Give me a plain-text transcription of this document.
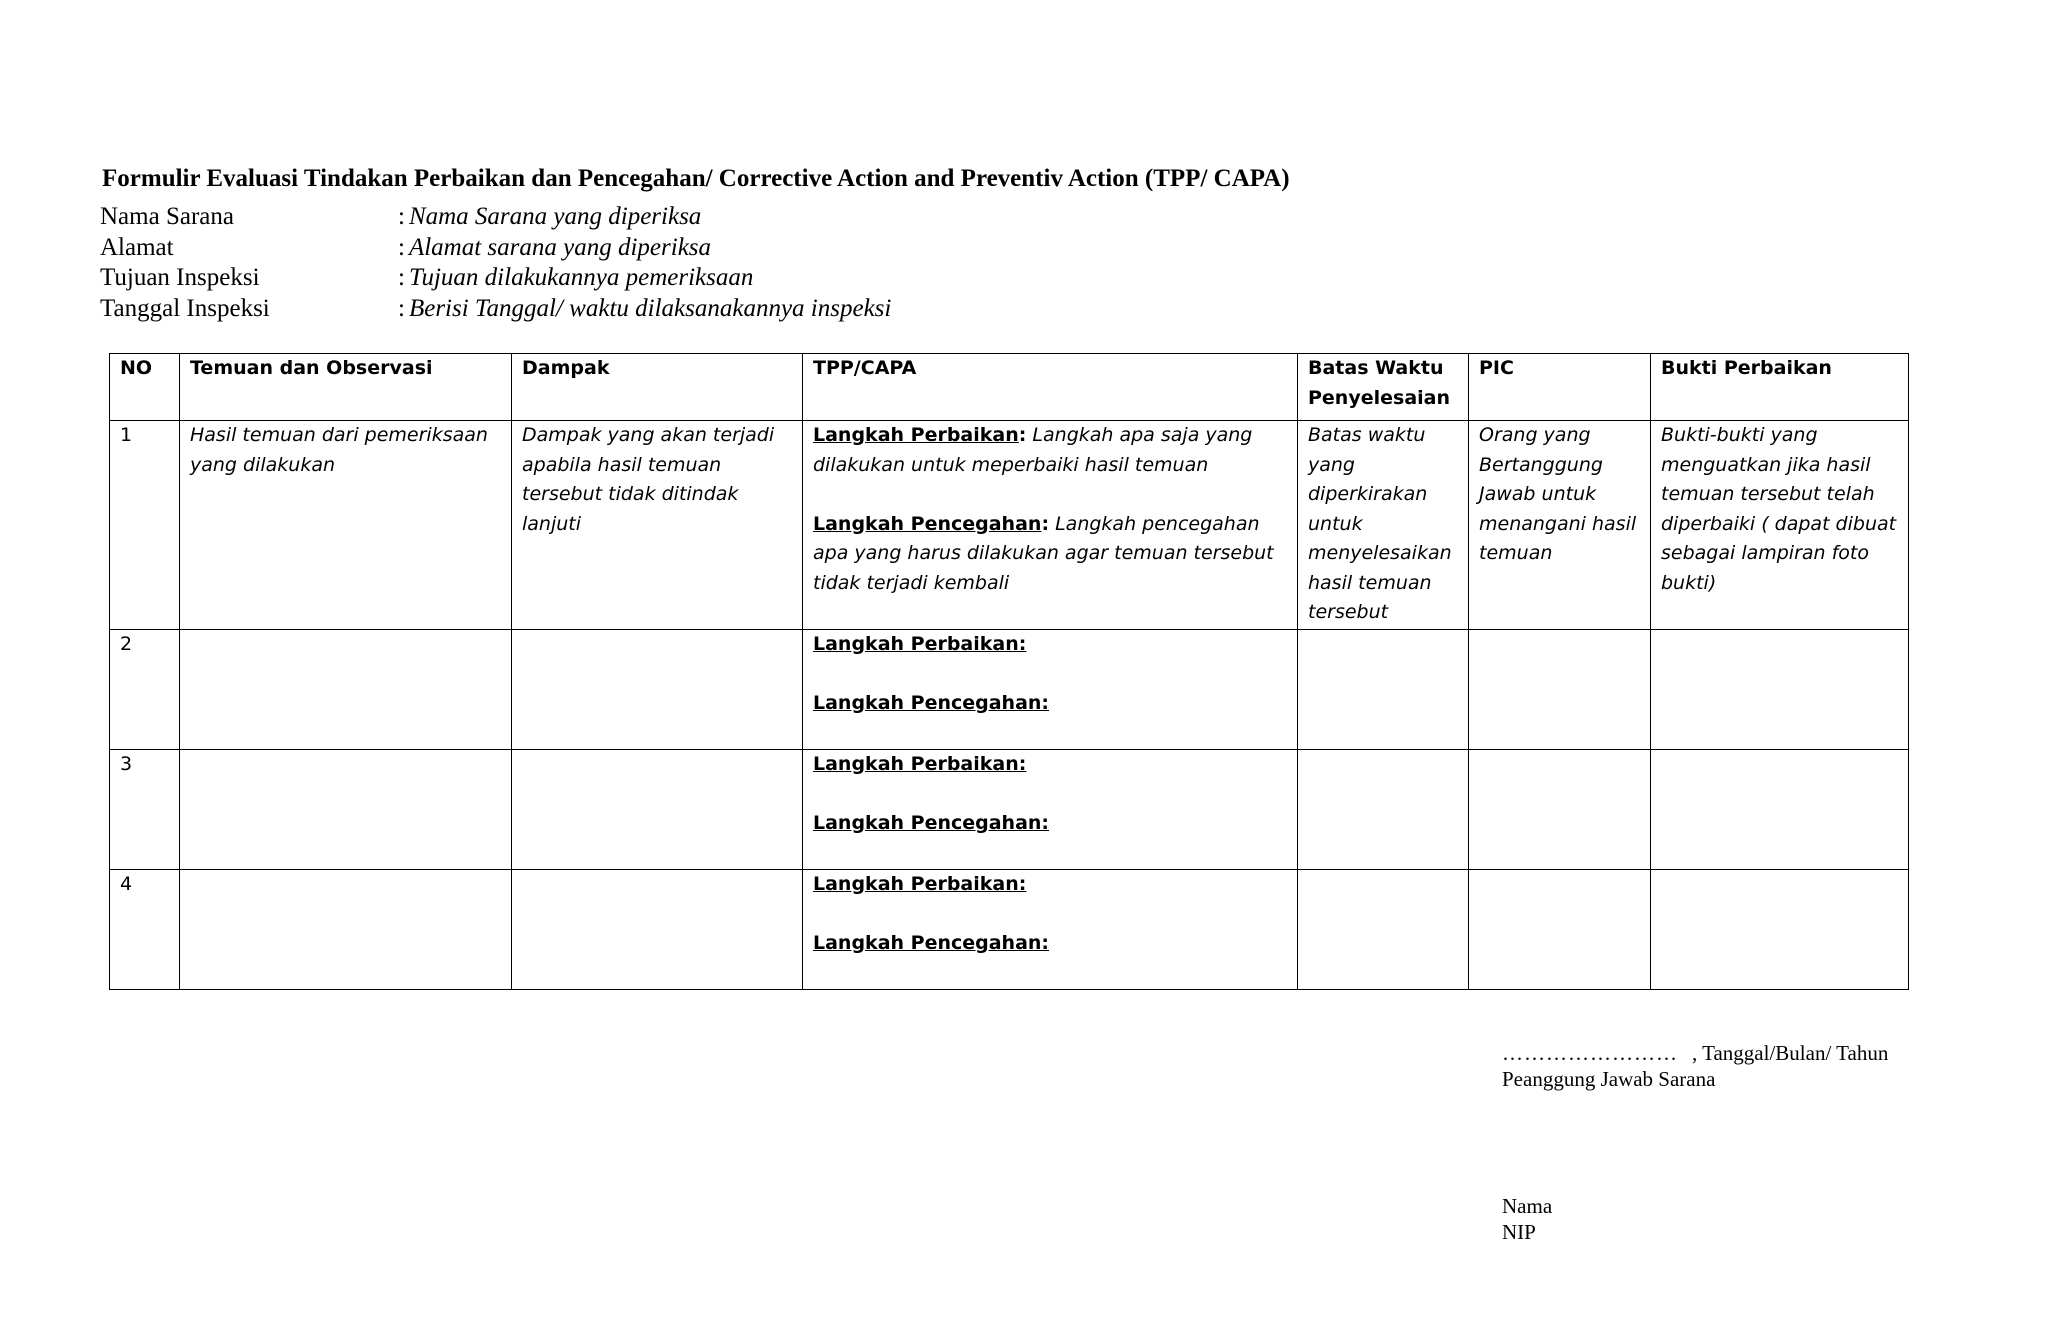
Formulir Evaluasi Tindakan Perbaikan dan Pencegahan/ Corrective Action and Preventiv Action (TPP/ CAPA)
Nama Sarana	: Nama Sarana yang diperiksa
Alamat	: Alamat sarana yang diperiksa
Tujuan Inspeksi	: Tujuan dilakukannya pemeriksaan
Tanggal Inspeksi	: Berisi Tanggal/ waktu dilaksanakannya inspeksi
NO	Temuan dan Observasi	Dampak	TPP/CAPA	Batas Waktu Penyelesaian	PIC	Bukti Perbaikan
1	Hasil temuan dari pemeriksaan yang dilakukan	Dampak yang akan terjadi apabila hasil temuan tersebut tidak ditindak lanjuti	Langkah Perbaikan: Langkah apa saja yang dilakukan untuk meperbaiki hasil temuan
Langkah Pencegahan: Langkah pencegahan apa yang harus dilakukan agar temuan tersebut tidak terjadi kembali	Batas waktu yang diperkirakan untuk menyelesaikan hasil temuan tersebut	Orang yang Bertanggung Jawab untuk menangani hasil temuan	Bukti-bukti yang menguatkan jika hasil temuan tersebut telah diperbaiki ( dapat dibuat sebagai lampiran foto bukti)
2			Langkah Perbaikan:
Langkah Pencegahan:			

3			Langkah Perbaikan:
Langkah Pencegahan:			

4			Langkah Perbaikan:
Langkah Pencegahan:			

…………………… , Tanggal/Bulan/ Tahun
Peanggung Jawab Sarana
Nama
NIP
